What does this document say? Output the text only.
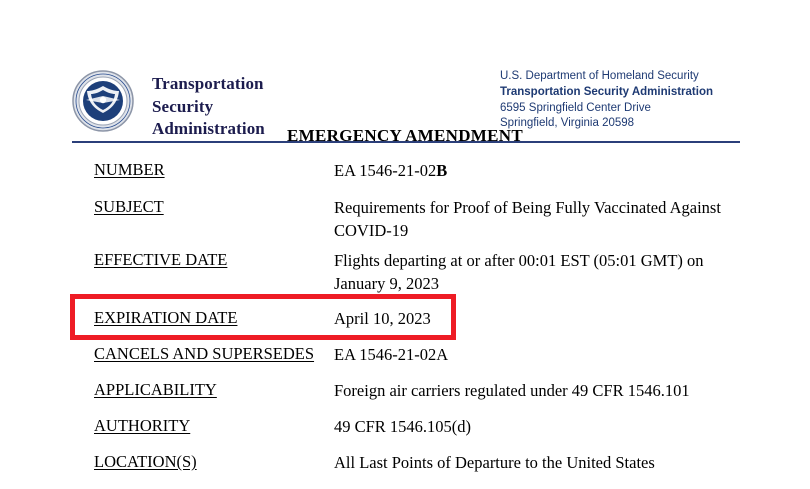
Transportation
Security
Administration
U.S. Department of Homeland Security
Transportation Security Administration
6595 Springfield Center Drive
Springfield, Virginia 20598
EMERGENCY AMENDMENT
NUMBER	EA 1546-21-02B
SUBJECT	Requirements for Proof of Being Fully Vaccinated Against COVID-19
EFFECTIVE DATE	Flights departing at or after 00:01 EST (05:01 GMT) on January 9, 2023
EXPIRATION DATE	April 10, 2023
CANCELS AND SUPERSEDES EA 1546-21-02A
APPLICABILITY	Foreign air carriers regulated under 49 CFR 1546.101
AUTHORITY	49 CFR 1546.105(d)
LOCATION(S)	All Last Points of Departure to the United States
